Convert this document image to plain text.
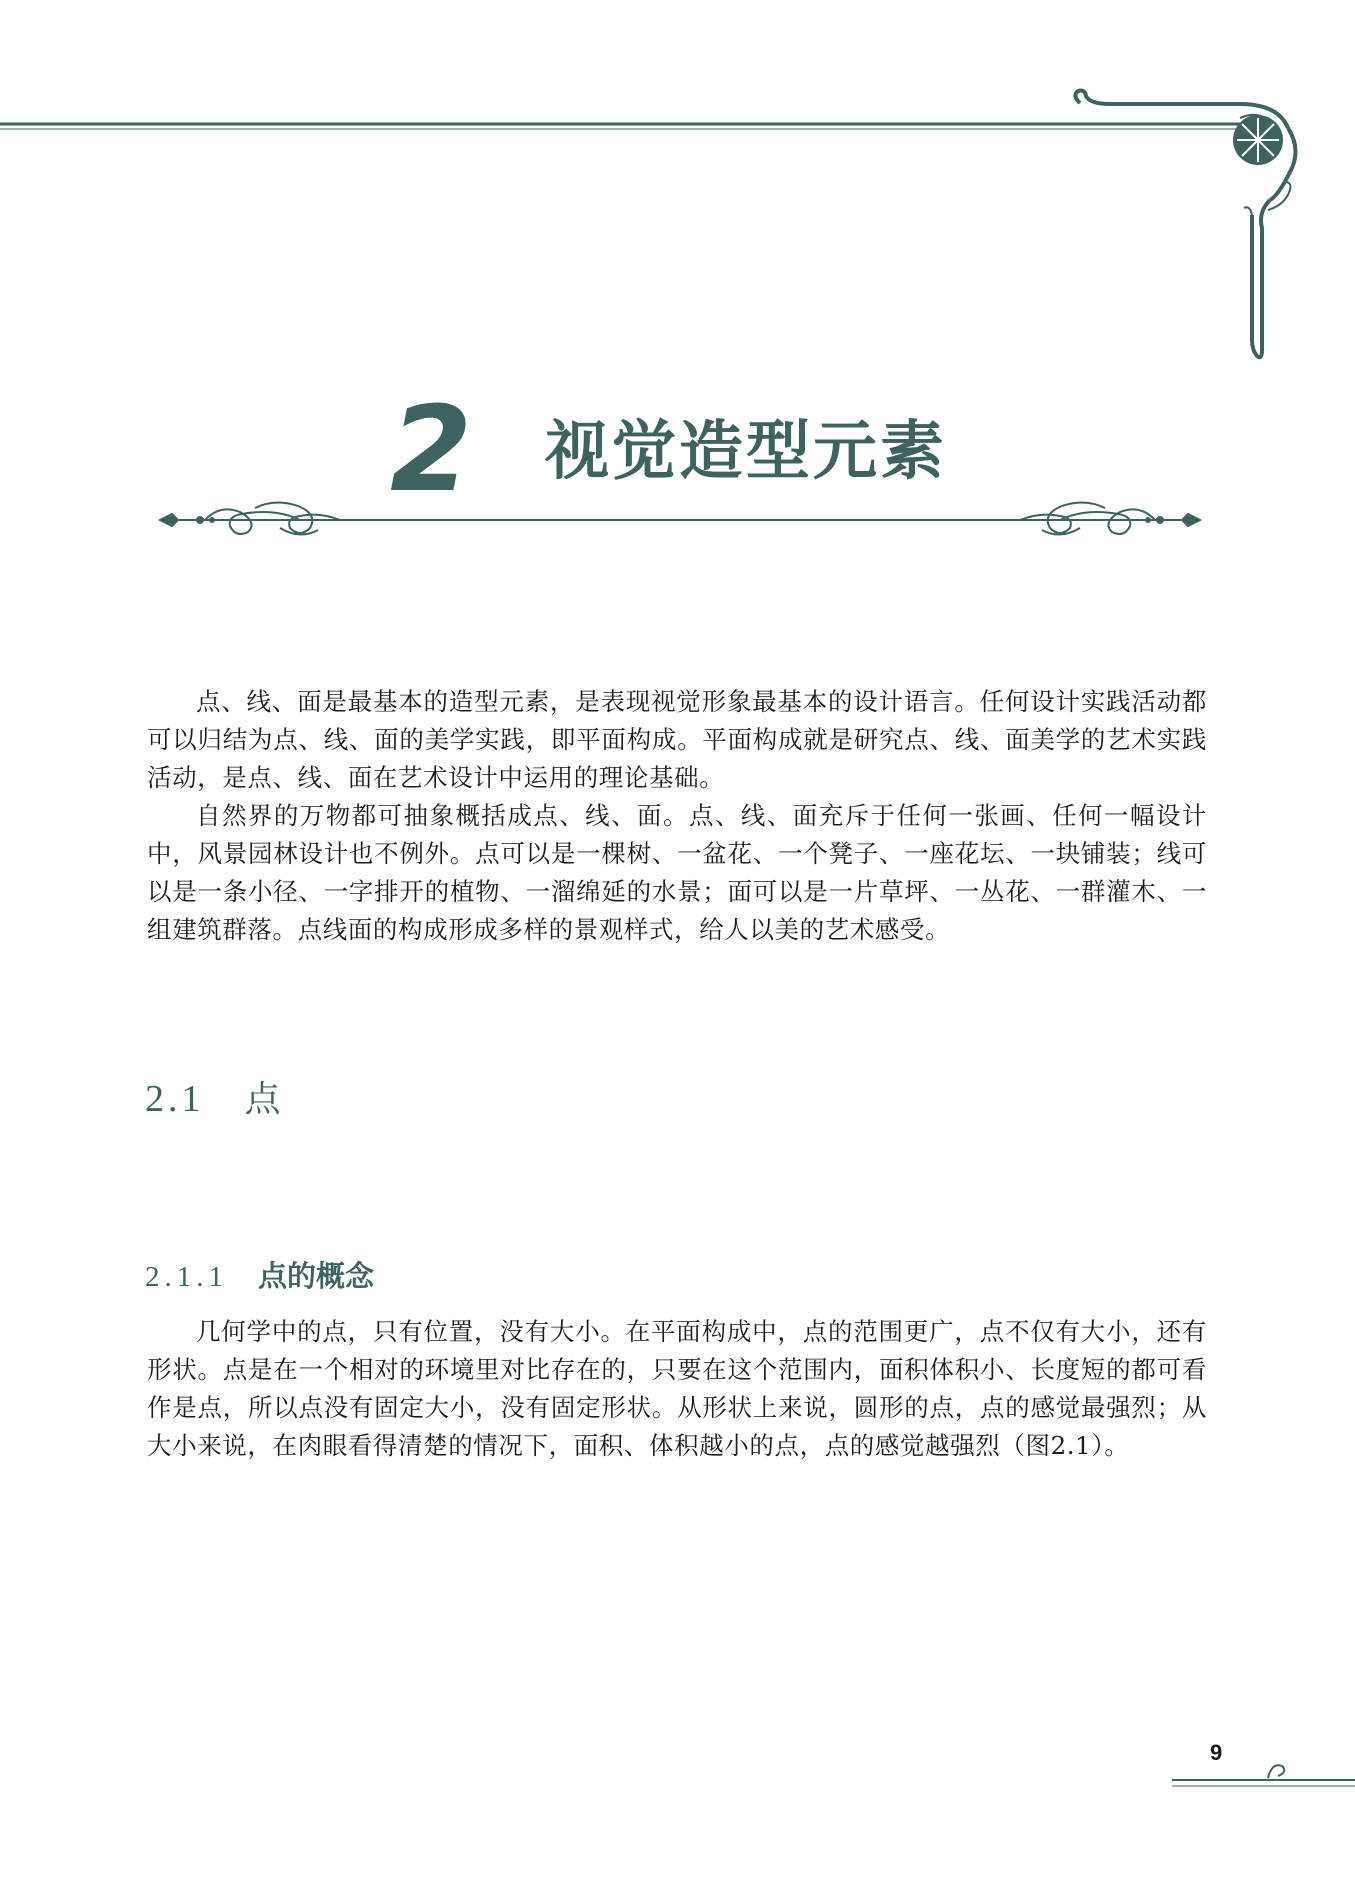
2 视觉造型元素

点、线、面是最基本的造型元素，是表现视觉形象最基本的设计语言。任何设计实践活动都可以归结为点、线、面的美学实践，即平面构成。平面构成就是研究点、线、面美学的艺术实践活动，是点、线、面在艺术设计中运用的理论基础。

自然界的万物都可抽象概括成点、线、面。点、线、面充斥于任何一张画、任何一幅设计中，风景园林设计也不例外。点可以是一棵树、一盆花、一个凳子、一座花坛、一块铺装；线可以是一条小径、一字排开的植物、一溜绵延的水景；面可以是一片草坪、一丛花、一群灌木、一组建筑群落。点线面的构成形成多样的景观样式，给人以美的艺术感受。

2.1 点
2.1.1 点的概念

几何学中的点，只有位置，没有大小。在平面构成中，点的范围更广，点不仅有大小，还有形状。点是在一个相对的环境里对比存在的，只要在这个范围内，面积体积小、长度短的都可看作是点，所以点没有固定大小，没有固定形状。从形状上来说，圆形的点，点的感觉最强烈；从大小来说，在肉眼看得清楚的情况下，面积、体积越小的点，点的感觉越强烈（图2.1）。

9
